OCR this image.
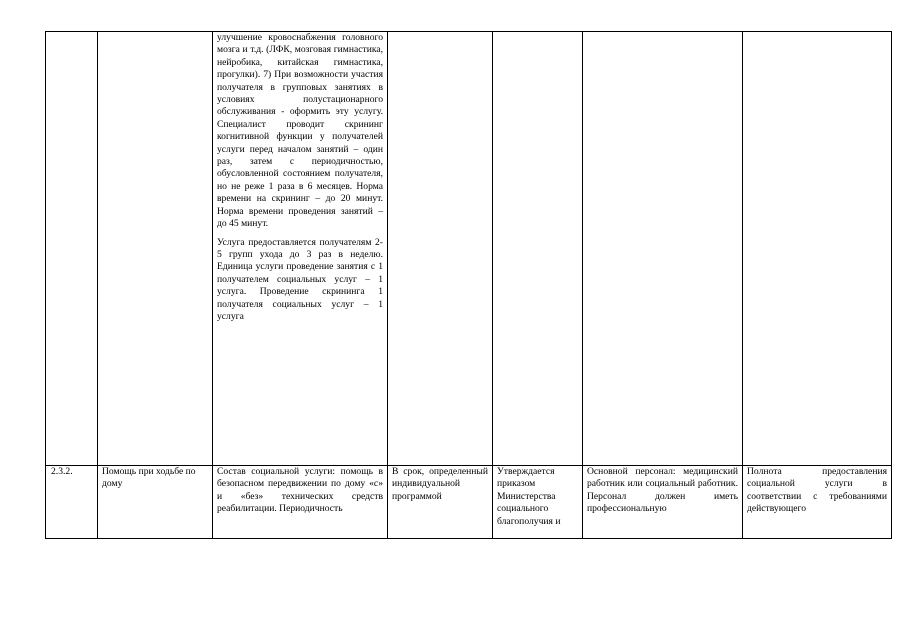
		улучшение кровоснабжения головного мозга и т.д. (ЛФК, мозговая гимнастика, нейробика, китайская гимнастика, прогулки). 7) При возможности участия получателя в групповых занятиях в условиях полустационарного обслуживания - оформить эту услугу. Специалист проводит скрининг когнитивной функции у получателей услуги перед началом занятий – один раз, затем с периодичностью, обусловленной состоянием получателя, но не реже 1 раза в 6 месяцев. Норма времени на скрининг – до 20 минут. Норма времени проведения занятий – до 45 минут.

Услуга предоставляется получателям 2-5 групп ухода до 3 раз в неделю. Единица услуги проведение занятия с 1 получателем социальных услуг – 1 услуга. Проведение скрининга 1 получателя социальных услуг – 1 услуга				

2.3.2.	Помощь при ходьбе по дому	Состав социальной услуги: помощь в безопасном передвижении по дому «с» и «без» технических средств реабилитации. Периодичность	В срок, определенный индивидуальной программой	Утверждается приказом Министерства социального благополучия и	Основной персонал: медицинский работник или социальный работник. Персонал должен иметь профессиональную	Полнота предоставления социальной услуги в соответствии с требованиями действующего
